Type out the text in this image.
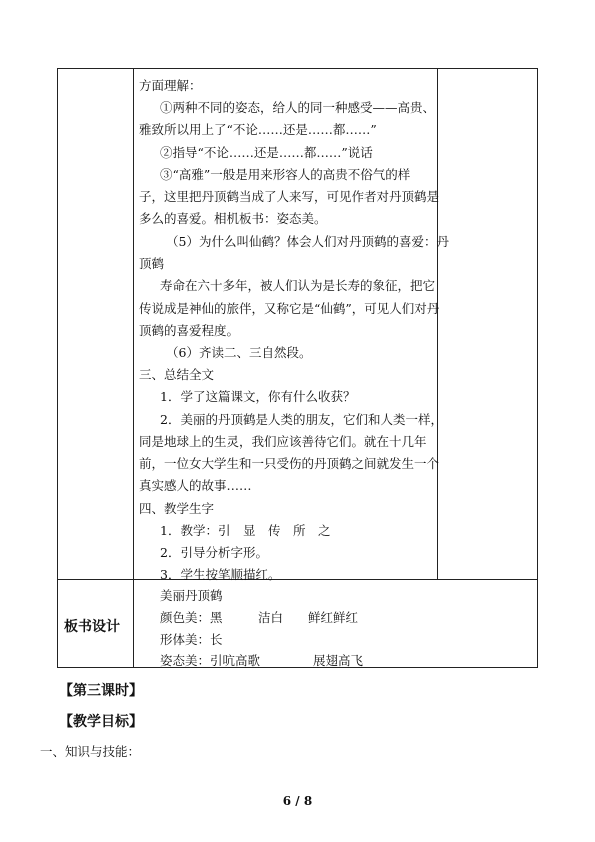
方面理解：
①两种不同的姿态，给人的同一种感受——高贵、
雅致所以用上了“不论……还是……都……”
②指导“不论……还是……都……”说话
③“高雅”一般是用来形容人的高贵不俗气的样
子，这里把丹顶鹤当成了人来写，可见作者对丹顶鹤是
多么的喜爱。相机板书：姿态美。
（5）为什么叫仙鹤？体会人们对丹顶鹤的喜爱：丹
顶鹤
寿命在六十多年，被人们认为是长寿的象征，把它
传说成是神仙的旅伴，又称它是“仙鹤”，可见人们对丹
顶鹤的喜爱程度。
（6）齐读二、三自然段。
三、总结全文
1．学了这篇课文，你有什么收获？
2．美丽的丹顶鹤是人类的朋友，它们和人类一样，
同是地球上的生灵，我们应该善待它们。就在十几年
前，一位女大学生和一只受伤的丹顶鹤之间就发生一个
真实感人的故事……
四、教学生字
1．教学：引　显　传　所　之
2．引导分析字形。
3．学生按笔顺描红。
板书设计
美丽丹顶鹤
颜色美：黑	洁白 鲜红鲜红
形体美：长
姿态美：引吭高歌	展翅高飞
【第三课时】
【教学目标】
一、知识与技能：
6 / 8
